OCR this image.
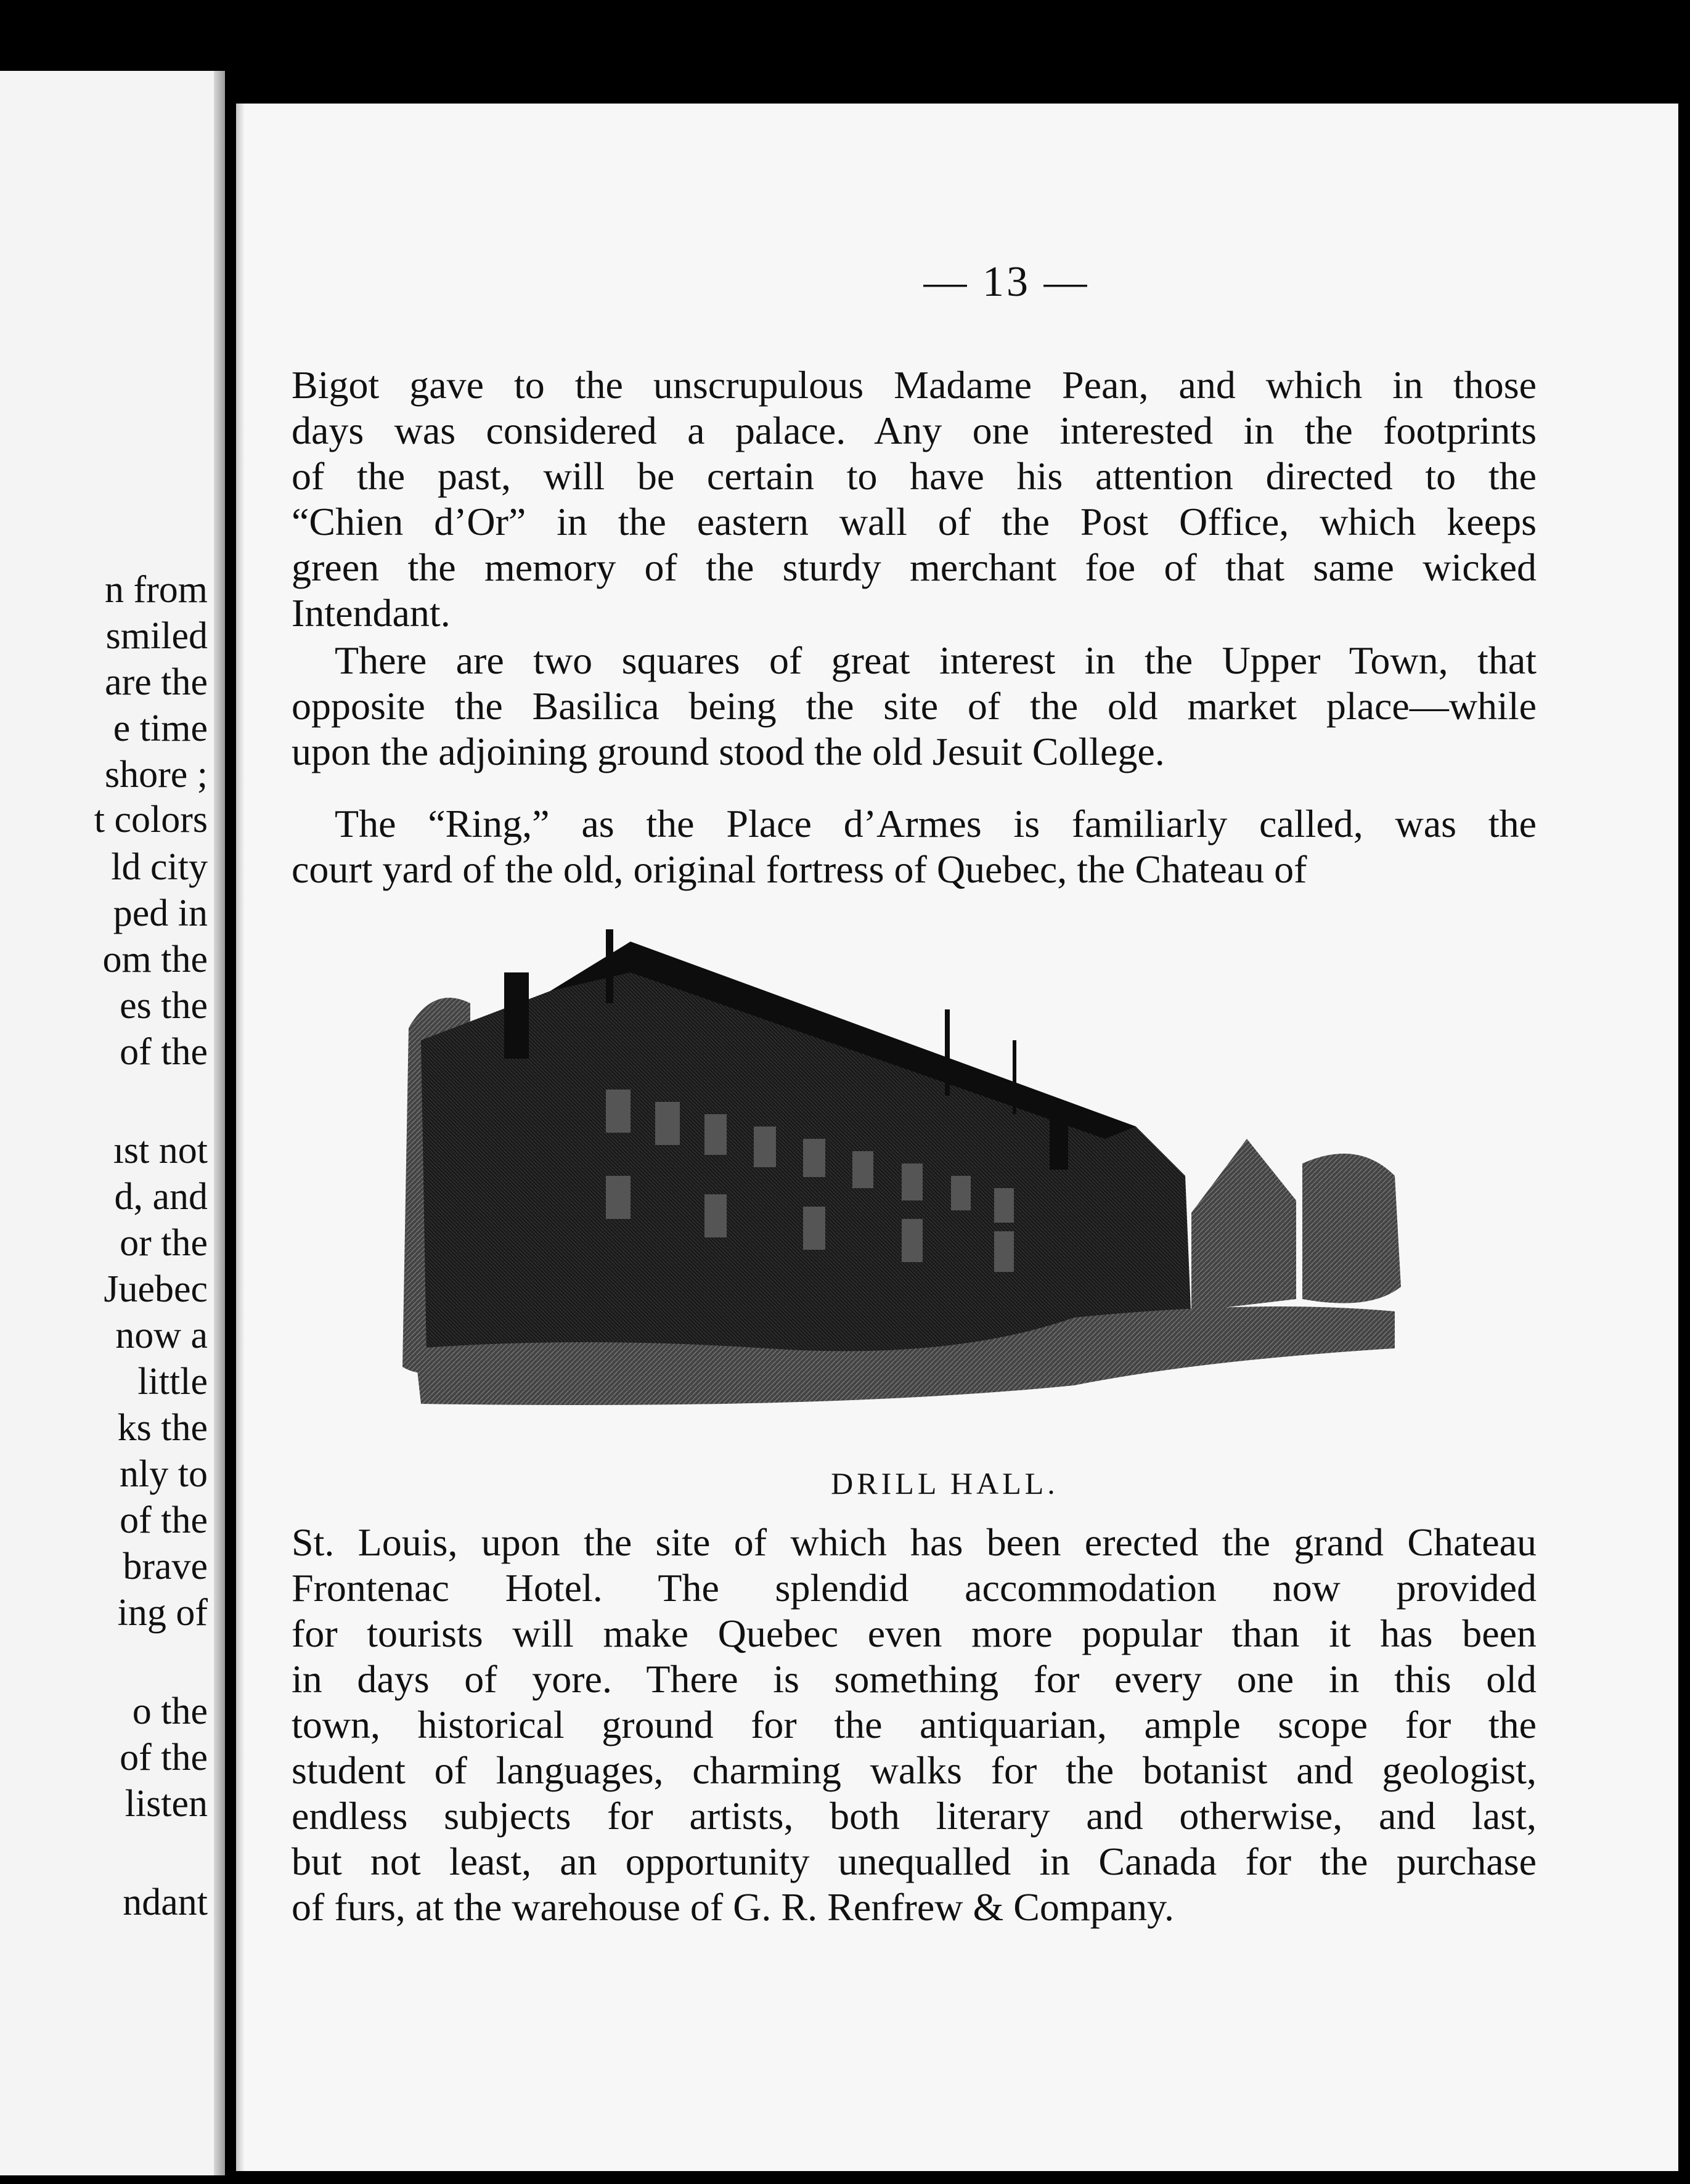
n from
smiled
are the
e time
shore ;
t colors
ld city
ped in
om the
es the
of the
ıst not
d, and
or the
Juebec
now a
little
ks the
nly to
of the
brave
ing of
o the
of the
listen
ndant
— 13 —
Bigot gave to the unscrupulous Madame Pean, and which in those
days was considered a palace. Any one interested in the footprints
of the past, will be certain to have his attention directed to the
“Chien d’Or” in the eastern wall of the Post Office, which keeps
green the memory of the sturdy merchant foe of that same wicked
Intendant.
There are two squares of great interest in the Upper Town, that
opposite the Basilica being the site of the old market place—while
upon the adjoining ground stood the old Jesuit College.
The “Ring,” as the Place d’Armes is familiarly called, was the
court yard of the old, original fortress of Quebec, the Chateau of
DRILL HALL.
St. Louis, upon the site of which has been erected the grand Chateau
Frontenac Hotel. The splendid accommodation now provided
for tourists will make Quebec even more popular than it has been
in days of yore. There is something for every one in this old
town, historical ground for the antiquarian, ample scope for the
student of languages, charming walks for the botanist and geologist,
endless subjects for artists, both literary and otherwise, and last,
but not least, an opportunity unequalled in Canada for the purchase
of furs, at the warehouse of G. R. Renfrew & Company.
